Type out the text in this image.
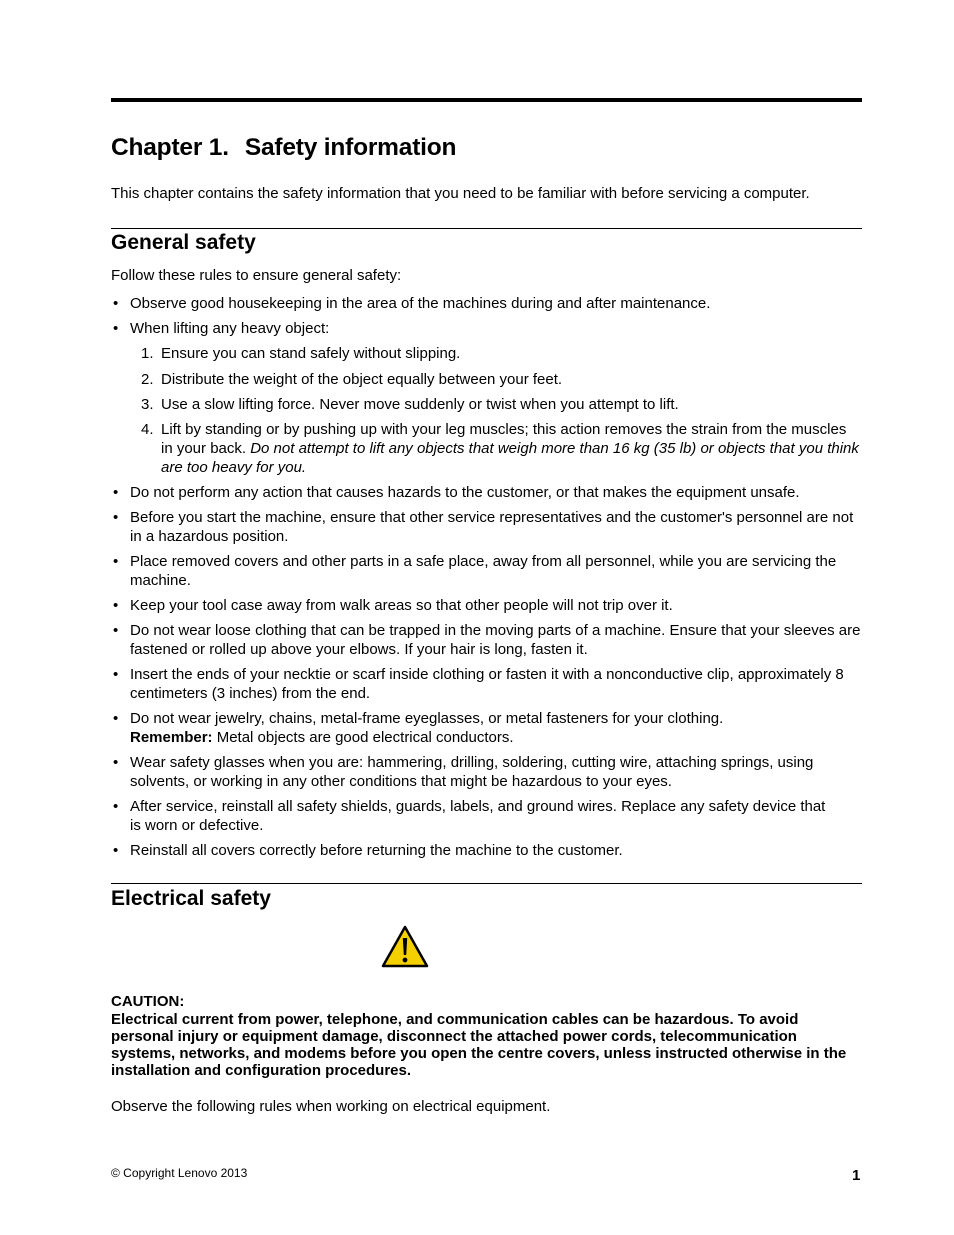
Chapter 1. Safety information
This chapter contains the safety information that you need to be familiar with before servicing a computer.
General safety
Follow these rules to ensure general safety:
• Observe good housekeeping in the area of the machines during and after maintenance.
• When lifting any heavy object:
1. Ensure you can stand safely without slipping.
2. Distribute the weight of the object equally between your feet.
3. Use a slow lifting force. Never move suddenly or twist when you attempt to lift.
4. Lift by standing or by pushing up with your leg muscles; this action removes the strain from the muscles in your back. Do not attempt to lift any objects that weigh more than 16 kg (35 lb) or objects that you think are too heavy for you.
• Do not perform any action that causes hazards to the customer, or that makes the equipment unsafe.
• Before you start the machine, ensure that other service representatives and the customer's personnel are not in a hazardous position.
• Place removed covers and other parts in a safe place, away from all personnel, while you are servicing the machine.
• Keep your tool case away from walk areas so that other people will not trip over it.
• Do not wear loose clothing that can be trapped in the moving parts of a machine. Ensure that your sleeves are fastened or rolled up above your elbows. If your hair is long, fasten it.
• Insert the ends of your necktie or scarf inside clothing or fasten it with a nonconductive clip, approximately 8 centimeters (3 inches) from the end.
• Do not wear jewelry, chains, metal-frame eyeglasses, or metal fasteners for your clothing.
Remember: Metal objects are good electrical conductors.
• Wear safety glasses when you are: hammering, drilling, soldering, cutting wire, attaching springs, using solvents, or working in any other conditions that might be hazardous to your eyes.
• After service, reinstall all safety shields, guards, labels, and ground wires. Replace any safety device that is worn or defective.
• Reinstall all covers correctly before returning the machine to the customer.
Electrical safety
CAUTION:
Electrical current from power, telephone, and communication cables can be hazardous. To avoid personal injury or equipment damage, disconnect the attached power cords, telecommunication systems, networks, and modems before you open the centre covers, unless instructed otherwise in the installation and configuration procedures.
Observe the following rules when working on electrical equipment.
© Copyright Lenovo 2013	1
